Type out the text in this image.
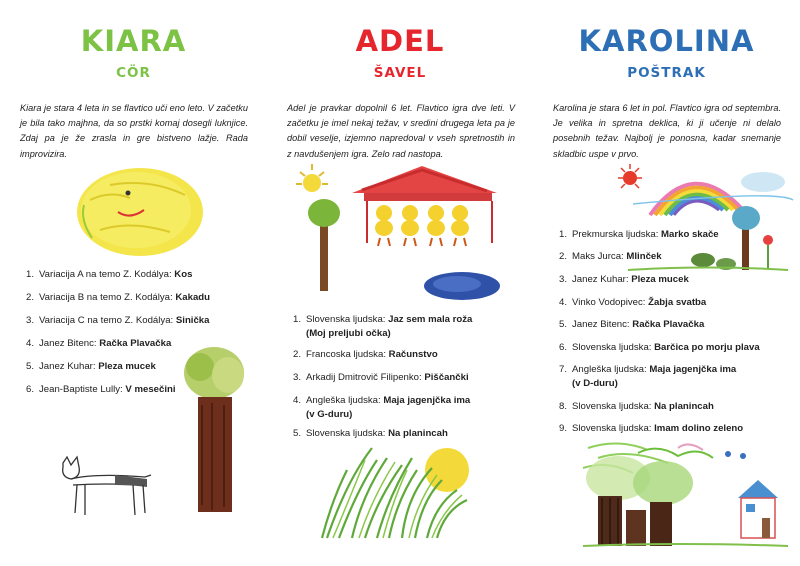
KIARA
CÖR
Kiara je stara 4 leta in se flavtico uči eno leto. V začetku je bila tako majhna, da so prstki komaj dosegli luknjice. Zdaj pa je že zrasla in gre bistveno lažje. Rada improvizira.
1. Variacija A na temo Z. Kodálya: Kos
2. Variacija B na temo Z. Kodálya: Kakadu
3. Variacija C na temo Z. Kodálya: Siničk​a
4. Janez Bitenc: Račka Plavačka
5. Janez Kuhar: Pleza mucek
6. Jean-Baptiste Lully: V mesečini
ADEL
ŠAVEL
Adel je pravkar dopolnil 6 let. Flavtico igra dve leti. V začetku je imel nekaj težav, v sredini drugega leta pa je dobil veselje, izjemno napredoval v vseh spretnostih in z navdušenjem igra. Zelo rad nastopa.
1. Slovenska ljudska: Jaz sem mala roža
(Moj preljubi očka)
2. Francoska ljudska: Računstvo
3. Arkadij Dmitrovič Filipenko: Piščančki
4. Angleška ljudska: Maja jagenjčka ima
(v G-duru)
5. Slovenska ljudska: Na planincah
KAROLINA
POŠTRAK
Karolina je stara 6 let in pol. Flavtico igra od septembra. Je velika in spretna deklica, ki ji učenje ni delalo posebnih težav. Najbolj je ponosna, kadar snemanje skladbic uspe v prvo.
1. Prekmurska ljudska: Marko skače
2. Maks Jurca: Mlinček
3. Janez Kuhar: Pleza mucek
4. Vinko Vodopivec: Žabja svatba
5. Janez Bitenc: Račka Plavačka
6. Slovenska ljudska: Barčica po morju plava
7. Angleška ljudska: Maja jagenjčka ima
(v D-duru)
8. Slovenska ljudska: Na planincah
9. Slovenska ljudska: Imam dolino zeleno
